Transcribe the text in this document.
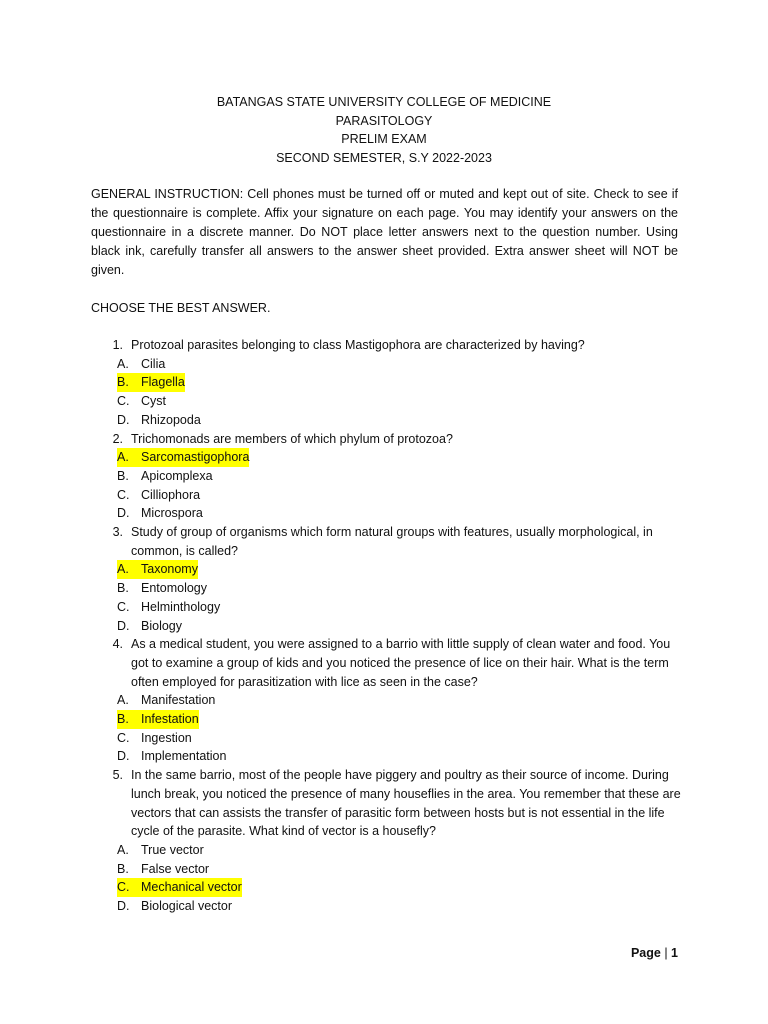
BATANGAS STATE UNIVERSITY COLLEGE OF MEDICINE
PARASITOLOGY
PRELIM EXAM
SECOND SEMESTER, S.Y 2022-2023
GENERAL INSTRUCTION: Cell phones must be turned off or muted and kept out of site. Check to see if the questionnaire is complete. Affix your signature on each page. You may identify your answers on the questionnaire in a discrete manner. Do NOT place letter answers next to the question number. Using black ink, carefully transfer all answers to the answer sheet provided. Extra answer sheet will NOT be given.
CHOOSE THE BEST ANSWER.
1. Protozoal parasites belonging to class Mastigophora are characterized by having?
A. Cilia
B. Flagella
C. Cyst
D. Rhizopoda
2. Trichomonads are members of which phylum of protozoa?
A. Sarcomastigophora
B. Apicomplexa
C. Cilliophora
D. Microspora
3. Study of group of organisms which form natural groups with features, usually morphological, in common, is called?
A. Taxonomy
B. Entomology
C. Helminthology
D. Biology
4. As a medical student, you were assigned to a barrio with little supply of clean water and food. You got to examine a group of kids and you noticed the presence of lice on their hair. What is the term often employed for parasitization with lice as seen in the case?
A. Manifestation
B. Infestation
C. Ingestion
D. Implementation
5. In the same barrio, most of the people have piggery and poultry as their source of income. During lunch break, you noticed the presence of many houseflies in the area. You remember that these are vectors that can assists the transfer of parasitic form between hosts but is not essential in the life cycle of the parasite. What kind of vector is a housefly?
A. True vector
B. False vector
C. Mechanical vector
D. Biological vector
Page | 1
